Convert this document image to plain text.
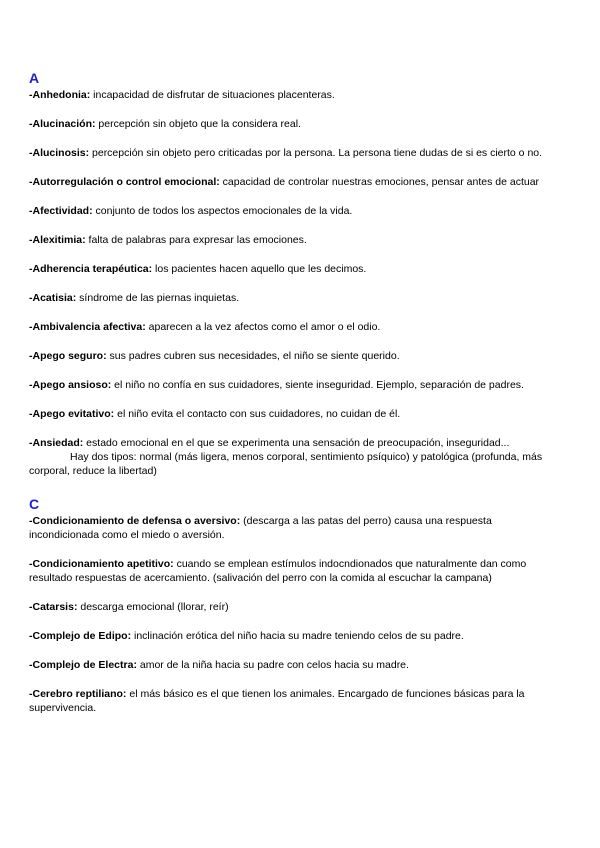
A
-Anhedonia: incapacidad de disfrutar de situaciones placenteras.
-Alucinación: percepción sin objeto que la considera real.
-Alucinosis: percepción sin objeto pero criticadas por la persona. La persona tiene dudas de si es cierto o no.
-Autorregulación o control emocional: capacidad de controlar nuestras emociones, pensar antes de actuar
-Afectividad: conjunto de todos los aspectos emocionales de la vida.
-Alexitimia: falta de palabras para expresar las emociones.
-Adherencia terapéutica: los pacientes hacen aquello que les decimos.
-Acatisia: síndrome de las piernas inquietas.
-Ambivalencia afectiva: aparecen a la vez afectos como el amor o el odio.
-Apego seguro: sus padres cubren sus necesidades, el niño se siente querido.
-Apego ansioso: el niño no confía en sus cuidadores, siente inseguridad. Ejemplo, separación de padres.
-Apego evitativo: el niño evita el contacto con sus cuidadores, no cuidan de él.
-Ansiedad: estado emocional en el que se experimenta una sensación de preocupación, inseguridad...
Hay dos tipos: normal (más ligera, menos corporal, sentimiento psíquico) y patológica (profunda, más corporal, reduce la libertad)
C
-Condicionamiento de defensa o aversivo: (descarga a las patas del perro) causa una respuesta incondicionada como el miedo o aversión.
-Condicionamiento apetitivo: cuando se emplean estímulos indocndionados que naturalmente dan como resultado respuestas de acercamiento. (salivación del perro con la comida al escuchar la campana)
-Catarsis: descarga emocional (llorar, reír)
-Complejo de Edipo: inclinación erótica del niño hacia su madre teniendo celos de su padre.
-Complejo de Electra: amor de la niña hacia su padre con celos hacia su madre.
-Cerebro reptiliano: el más básico es el que tienen los animales. Encargado de funciones básicas para la supervivencia.
